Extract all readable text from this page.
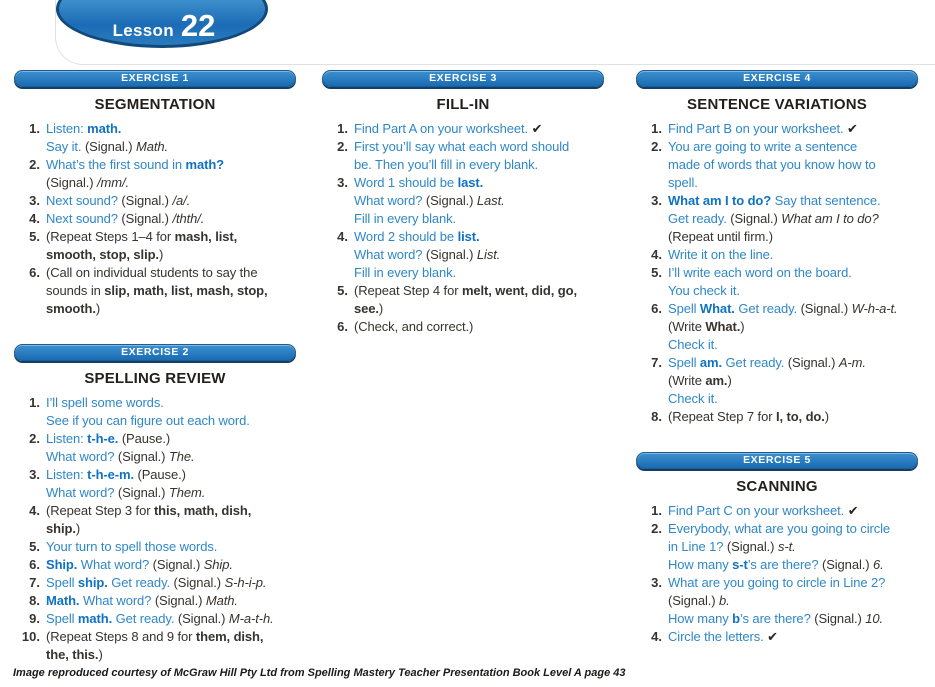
Lesson 22
EXERCISE 1
SEGMENTATION
1. Listen: math.
Say it. (Signal.) Math.
2. What’s the first sound in math?
(Signal.) /mm/.
3. Next sound? (Signal.) /a/.
4. Next sound? (Signal.) /thth/.
5. (Repeat Steps 1–4 for mash, list,
smooth, stop, slip.)
6. (Call on individual students to say the
sounds in slip, math, list, mash, stop,
smooth.)
EXERCISE 2
SPELLING REVIEW
1. I’ll spell some words.
See if you can figure out each word.
2. Listen: t-h-e. (Pause.)
What word? (Signal.) The.
3. Listen: t-h-e-m. (Pause.)
What word? (Signal.) Them.
4. (Repeat Step 3 for this, math, dish,
ship.)
5. Your turn to spell those words.
6. Ship. What word? (Signal.) Ship.
7. Spell ship. Get ready. (Signal.) S-h-i-p.
8. Math. What word? (Signal.) Math.
9. Spell math. Get ready. (Signal.) M-a-t-h.
10. (Repeat Steps 8 and 9 for them, dish,
the, this.)
EXERCISE 3
FILL-IN
1. Find Part A on your worksheet. ✔
2. First you’ll say what each word should
be. Then you’ll fill in every blank.
3. Word 1 should be last.
What word? (Signal.) Last.
Fill in every blank.
4. Word 2 should be list.
What word? (Signal.) List.
Fill in every blank.
5. (Repeat Step 4 for melt, went, did, go,
see.)
6. (Check, and correct.)
EXERCISE 4
SENTENCE VARIATIONS
1. Find Part B on your worksheet. ✔
2. You are going to write a sentence
made of words that you know how to
spell.
3. What am I to do? Say that sentence.
Get ready. (Signal.) What am I to do?
(Repeat until firm.)
4. Write it on the line.
5. I’ll write each word on the board.
You check it.
6. Spell What. Get ready. (Signal.) W-h-a-t.
(Write What.)
Check it.
7. Spell am. Get ready. (Signal.) A-m.
(Write am.)
Check it.
8. (Repeat Step 7 for I, to, do.)
EXERCISE 5
SCANNING
1. Find Part C on your worksheet. ✔
2. Everybody, what are you going to circle
in Line 1? (Signal.) s-t.
How many s-t’s are there? (Signal.) 6.
3. What are you going to circle in Line 2?
(Signal.) b.
How many b’s are there? (Signal.) 10.
4. Circle the letters. ✔
Image reproduced courtesy of McGraw Hill Pty Ltd from Spelling Mastery Teacher Presentation Book Level A page 43
